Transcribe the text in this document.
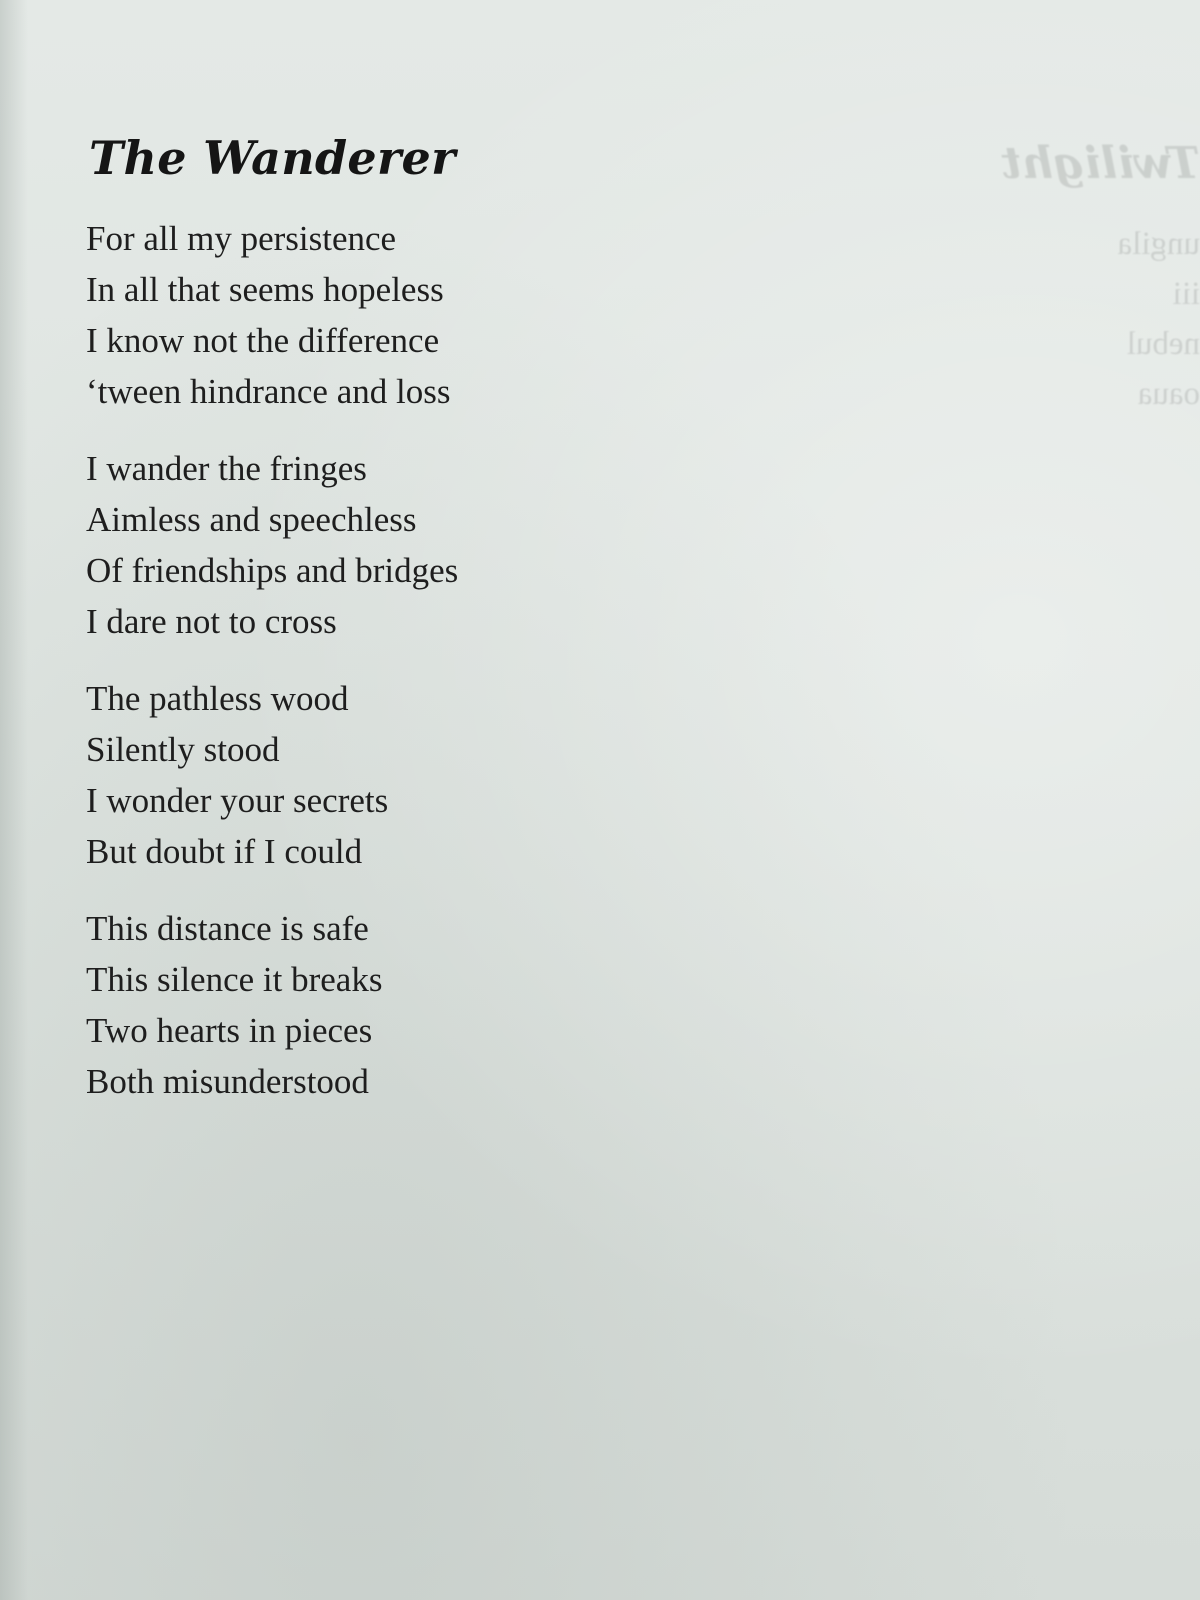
Twilight
ungila
iii
nebul
oaua
The Wanderer
For all my persistence
In all that seems hopeless
I know not the difference
‘tween hindrance and loss
I wander the fringes
Aimless and speechless
Of friendships and bridges
I dare not to cross
The pathless wood
Silently stood
I wonder your secrets
But doubt if I could
This distance is safe
This silence it breaks
Two hearts in pieces
Both misunderstood
